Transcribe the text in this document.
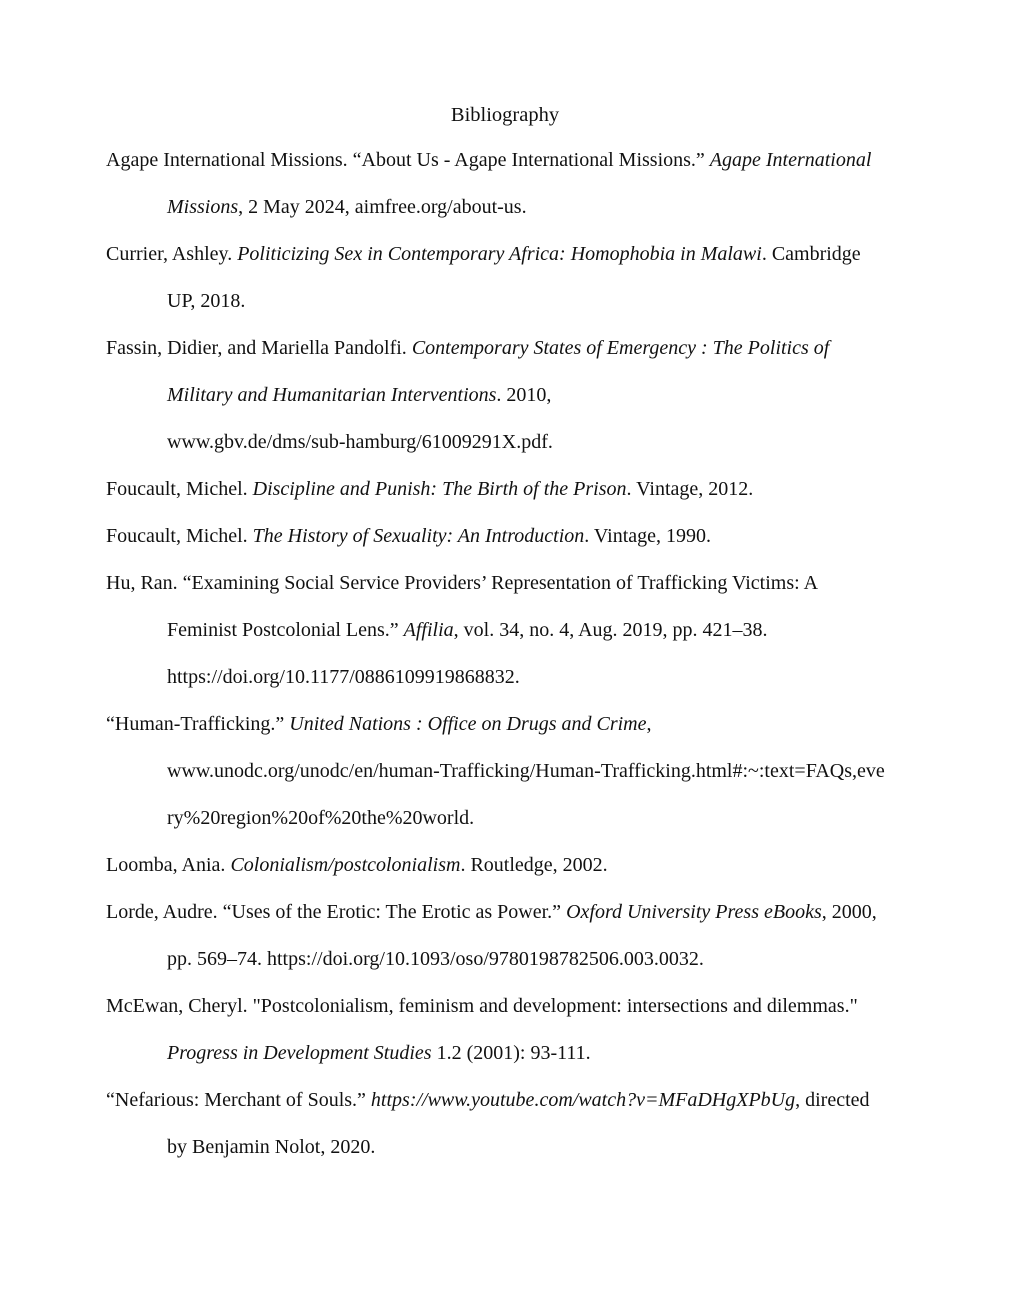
Bibliography
Agape International Missions. “About Us - Agape International Missions.” Agape International
Missions, 2 May 2024, aimfree.org/about-us.
Currier, Ashley. Politicizing Sex in Contemporary Africa: Homophobia in Malawi. Cambridge
UP, 2018.
Fassin, Didier, and Mariella Pandolfi. Contemporary States of Emergency : The Politics of
Military and Humanitarian Interventions. 2010,
www.gbv.de/dms/sub-hamburg/61009291X.pdf.
Foucault, Michel. Discipline and Punish: The Birth of the Prison. Vintage, 2012.
Foucault, Michel. The History of Sexuality: An Introduction. Vintage, 1990.
Hu, Ran. “Examining Social Service Providers’ Representation of Trafficking Victims: A
Feminist Postcolonial Lens.” Affilia, vol. 34, no. 4, Aug. 2019, pp. 421–38.
https://doi.org/10.1177/0886109919868832.
“Human-Trafficking.” United Nations : Office on Drugs and Crime,
www.unodc.org/unodc/en/human-Trafficking/Human-Trafficking.html#:~:text=FAQs,eve
ry%20region%20of%20the%20world.
Loomba, Ania. Colonialism/postcolonialism. Routledge, 2002.
Lorde, Audre. “Uses of the Erotic: The Erotic as Power.” Oxford University Press eBooks, 2000,
pp. 569–74. https://doi.org/10.1093/oso/9780198782506.003.0032.
McEwan, Cheryl. "Postcolonialism, feminism and development: intersections and dilemmas."
Progress in Development Studies 1.2 (2001): 93-111.
“Nefarious: Merchant of Souls.” https://www.youtube.com/watch?v=MFaDHgXPbUg, directed
by Benjamin Nolot, 2020.
